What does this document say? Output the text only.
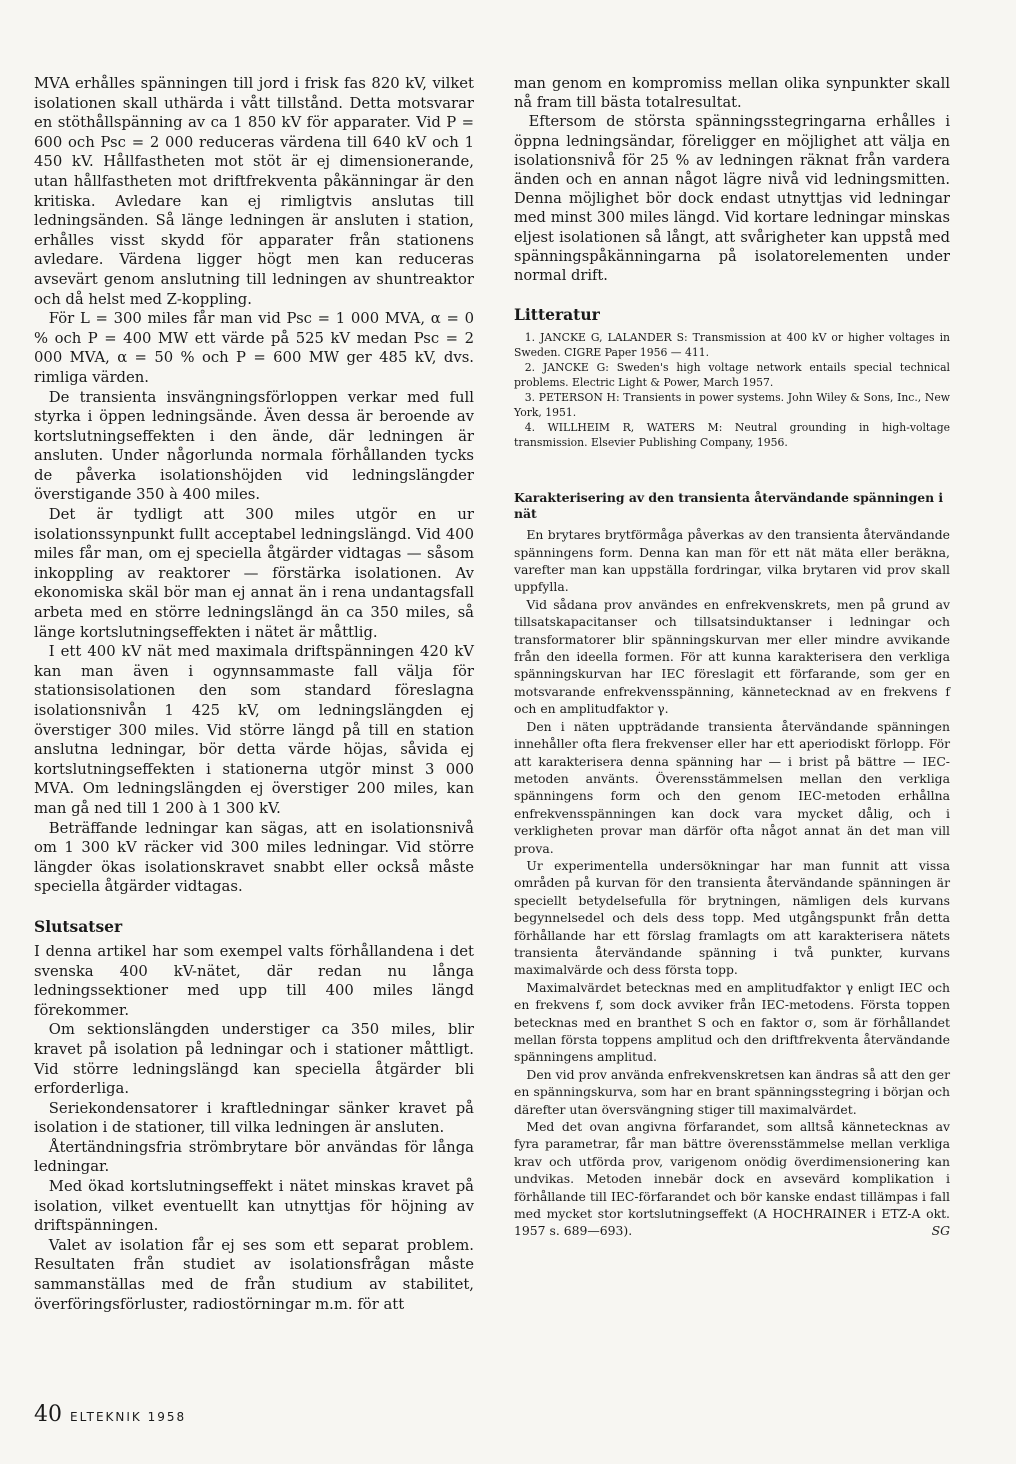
MVA erhålles spänningen till jord i frisk fas 820 kV, vilket isolationen skall uthärda i vått tillstånd. Detta motsvarar en stöthållspänning av ca 1 850 kV för apparater. Vid P = 600 och Psc = 2 000 reduceras värdena till 640 kV och 1 450 kV. Hållfastheten mot stöt är ej dimensionerande, utan hållfastheten mot driftfrekventa påkänningar är den kritiska. Avledare kan ej rimligtvis anslutas till ledningsänden. Så länge ledningen är ansluten i station, erhålles visst skydd för apparater från stationens avledare. Värdena ligger högt men kan reduceras avsevärt genom anslutning till ledningen av shuntreaktor och då helst med Z-koppling.

För L = 300 miles får man vid Psc = 1 000 MVA, α = 0 % och P = 400 MW ett värde på 525 kV medan Psc = 2 000 MVA, α = 50 % och P = 600 MW ger 485 kV, dvs. rimliga värden.

De transienta insvängningsförloppen verkar med full styrka i öppen ledningsände. Även dessa är beroende av kortslutningseffekten i den ände, där ledningen är ansluten. Under någorlunda normala förhållanden tycks de påverka isolationshöjden vid ledningslängder överstigande 350 à 400 miles.

Det är tydligt att 300 miles utgör en ur isolationssynpunkt fullt acceptabel ledningslängd. Vid 400 miles får man, om ej speciella åtgärder vidtagas — såsom inkoppling av reaktorer — förstärka isolationen. Av ekonomiska skäl bör man ej annat än i rena undantagsfall arbeta med en större ledningslängd än ca 350 miles, så länge kortslutningseffekten i nätet är måttlig.

I ett 400 kV nät med maximala driftspänningen 420 kV kan man även i ogynnsammaste fall välja för stationsisolationen den som standard föreslagna isolationsnivån 1 425 kV, om ledningslängden ej överstiger 300 miles. Vid större längd på till en station anslutna ledningar, bör detta värde höjas, såvida ej kortslutningseffekten i stationerna utgör minst 3 000 MVA. Om ledningslängden ej överstiger 200 miles, kan man gå ned till 1 200 à 1 300 kV.

Beträffande ledningar kan sägas, att en isolationsnivå om 1 300 kV räcker vid 300 miles ledningar. Vid större längder ökas isolationskravet snabbt eller också måste speciella åtgärder vidtagas.

Slutsatser

I denna artikel har som exempel valts förhållandena i det svenska 400 kV-nätet, där redan nu långa ledningssektioner med upp till 400 miles längd förekommer.

Om sektionslängden understiger ca 350 miles, blir kravet på isolation på ledningar och i stationer måttligt. Vid större ledningslängd kan speciella åtgärder bli erforderliga.

Seriekondensatorer i kraftledningar sänker kravet på isolation i de stationer, till vilka ledningen är ansluten.

Återtändningsfria strömbrytare bör användas för långa ledningar.

Med ökad kortslutningseffekt i nätet minskas kravet på isolation, vilket eventuellt kan utnyttjas för höjning av driftspänningen.

Valet av isolation får ej ses som ett separat problem. Resultaten från studiet av isolationsfrågan måste sammanställas med de från studium av stabilitet, överföringsförluster, radiostörningar m.m. för att

man genom en kompromiss mellan olika synpunkter skall nå fram till bästa totalresultat.

Eftersom de största spänningsstegringarna erhålles i öppna ledningsändar, föreligger en möjlighet att välja en isolationsnivå för 25 % av ledningen räknat från vardera änden och en annan något lägre nivå vid ledningsmitten. Denna möjlighet bör dock endast utnyttjas vid ledningar med minst 300 miles längd. Vid kortare ledningar minskas eljest isolationen så långt, att svårigheter kan uppstå med spänningspåkänningarna på isolatorelementen under normal drift.

Litteratur

1. JANCKE G, LALANDER S: Transmission at 400 kV or higher voltages in Sweden. CIGRE Paper 1956 — 411.

2. JANCKE G: Sweden's high voltage network entails special technical problems. Electric Light & Power, March 1957.

3. PETERSON H: Transients in power systems. John Wiley & Sons, Inc., New York, 1951.

4. WILLHEIM R, WATERS M: Neutral grounding in high-voltage transmission. Elsevier Publishing Company, 1956.

Karakterisering av den transienta återvändande spänningen i nät

En brytares brytförmåga påverkas av den transienta återvändande spänningens form. Denna kan man för ett nät mäta eller beräkna, varefter man kan uppställa fordringar, vilka brytaren vid prov skall uppfylla.

Vid sådana prov användes en enfrekvenskrets, men på grund av tillsatskapacitanser och tillsatsinduktanser i ledningar och transformatorer blir spänningskurvan mer eller mindre avvikande från den ideella formen. För att kunna karakterisera den verkliga spänningskurvan har IEC föreslagit ett förfarande, som ger en motsvarande enfrekvensspänning, kännetecknad av en frekvens f och en amplitudfaktor γ.

Den i näten uppträdande transienta återvändande spänningen innehåller ofta flera frekvenser eller har ett aperiodiskt förlopp. För att karakterisera denna spänning har — i brist på bättre — IEC-metoden använts. Överensstämmelsen mellan den verkliga spänningens form och den genom IEC-metoden erhållna enfrekvensspänningen kan dock vara mycket dålig, och i verkligheten provar man därför ofta något annat än det man vill prova.

Ur experimentella undersökningar har man funnit att vissa områden på kurvan för den transienta återvändande spänningen är speciellt betydelsefulla för brytningen, nämligen dels kurvans begynnelsedel och dels dess topp. Med utgångspunkt från detta förhållande har ett förslag framlagts om att karakterisera nätets transienta återvändande spänning i två punkter, kurvans maximalvärde och dess första topp.

Maximalvärdet betecknas med en amplitudfaktor γ enligt IEC och en frekvens f, som dock avviker från IEC-metodens. Första toppen betecknas med en branthet S och en faktor σ, som är förhållandet mellan första toppens amplitud och den driftfrekventa återvändande spänningens amplitud.

Den vid prov använda enfrekvenskretsen kan ändras så att den ger en spänningskurva, som har en brant spänningsstegring i början och därefter utan översvängning stiger till maximalvärdet.

Med det ovan angivna förfarandet, som alltså kännetecknas av fyra parametrar, får man bättre överensstämmelse mellan verkliga krav och utförda prov, varigenom onödig överdimensionering kan undvikas. Metoden innebär dock en avsevärd komplikation i förhållande till IEC-förfarandet och bör kanske endast tillämpas i fall med mycket stor kortslutningseffekt (A HOCHRAINER i ETZ-A okt. 1957 s. 689—693).	SG

40 ELTEKNIK 1958
